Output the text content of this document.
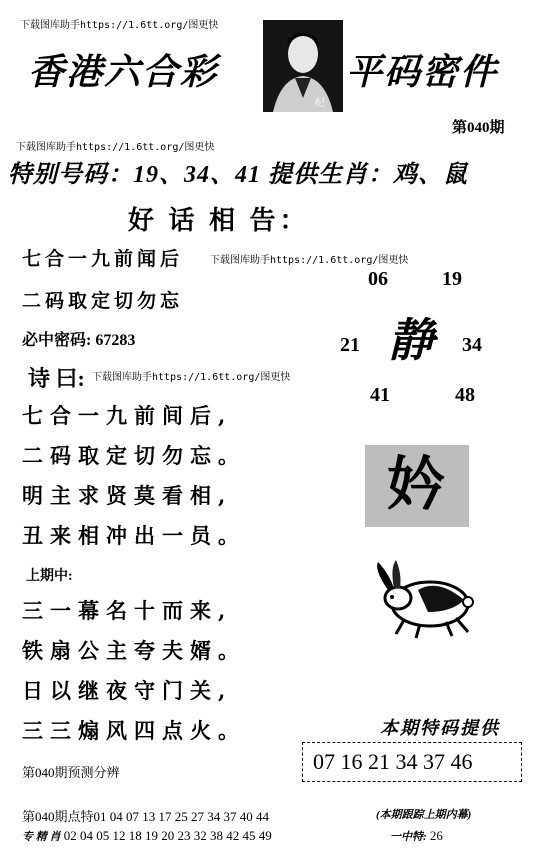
下载图库助手https://1.6tt.org/图更快
香港六合彩
纪
平码密件
第040期
下载图库助手https://1.6tt.org/图更快
特别号码：19、34、41 提供生肖：鸡、鼠
好 话 相 告：
七合一九前闻后	下载图库助手https://1.6tt.org/图更快
二码取定切勿忘
必中密码: 67283
诗 曰: 下载图库助手https://1.6tt.org/图更快
七合一九前间后,
二码取定切勿忘。
明主求贤莫看相,
丑来相冲出一员。
上期中:
三一幕名十而来,
铁扇公主夸夫婿。
日以继夜守门关,
三三煽风四点火。
06	19
21 静 34
41	48
妗
本期特码提供
07 16 21 34 37 46
第040期预测分辨
第040期点特01 04 07 13 17 25 27 34 37 40 44
专 精 肖 02 04 05 12 18 19 20 23 32 38 42 45 49
(本期跟踪上期内幕)
一中特: 26
